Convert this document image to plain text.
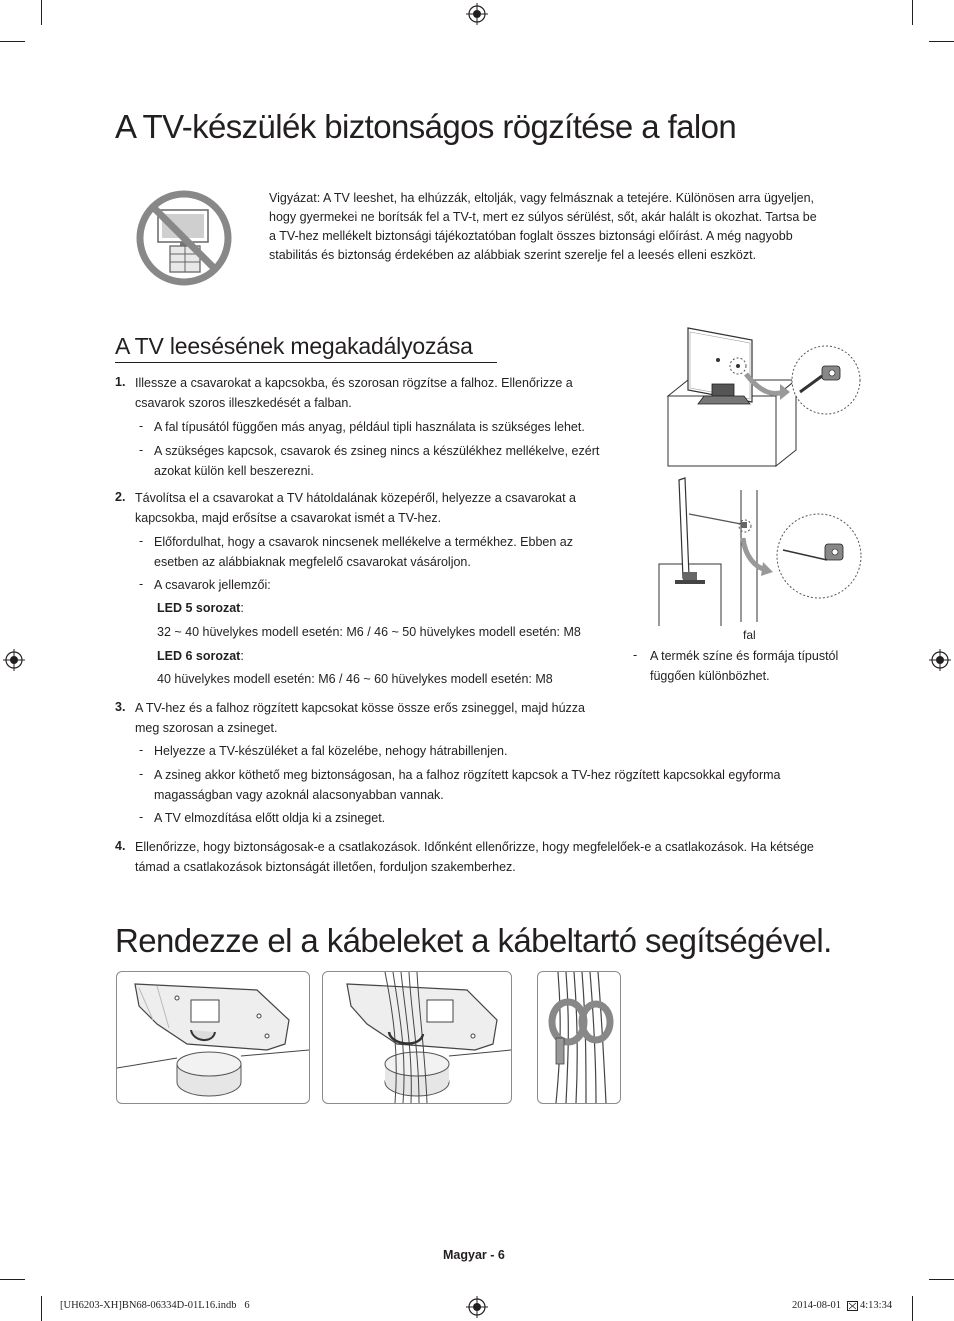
A TV-készülék biztonságos rögzítése a falon
Vigyázat: A TV leeshet, ha elhúzzák, eltolják, vagy felmásznak a tetejére. Különösen arra ügyeljen, hogy gyermekei ne borítsák fel a TV-t, mert ez súlyos sérülést, sőt, akár halált is okozhat. Tartsa be a TV-hez mellékelt biztonsági tájékoztatóban foglalt összes biztonsági előírást. A még nagyobb stabilitás és biztonság érdekében az alábbiak szerint szerelje fel a leesés elleni eszközt.
A TV leesésének megakadályozása
1. Illessze a csavarokat a kapcsokba, és szorosan rögzítse a falhoz. Ellenőrizze a csavarok szoros illeszkedését a falban.
- A fal típusától függően más anyag, például tipli használata is szükséges lehet.
- A szükséges kapcsok, csavarok és zsineg nincs a készülékhez mellékelve, ezért azokat külön kell beszerezni.
2. Távolítsa el a csavarokat a TV hátoldalának közepéről, helyezze a csavarokat a kapcsokba, majd erősítse a csavarokat ismét a TV-hez.
- Előfordulhat, hogy a csavarok nincsenek mellékelve a termékhez. Ebben az esetben az alábbiaknak megfelelő csavarokat vásároljon.
- A csavarok jellemzői:
LED 5 sorozat:
32 ~ 40 hüvelykes modell esetén: M6 / 46 ~ 50 hüvelykes modell esetén: M8
LED 6 sorozat:
40 hüvelykes modell esetén: M6 / 46 ~ 60 hüvelykes modell esetén: M8
3. A TV-hez és a falhoz rögzített kapcsokat kösse össze erős zsineggel, majd húzza meg szorosan a zsineget.
- Helyezze a TV-készüléket a fal közelébe, nehogy hátrabillenjen.
- A zsineg akkor köthető meg biztonságosan, ha a falhoz rögzített kapcsok a TV-hez rögzített kapcsokkal egyforma magasságban vagy azoknál alacsonyabban vannak.
- A TV elmozdítása előtt oldja ki a zsineget.
4. Ellenőrizze, hogy biztonságosak-e a csatlakozások. Időnként ellenőrizze, hogy megfelelőek-e a csatlakozások. Ha kétsége támad a csatlakozások biztonságát illetően, forduljon szakemberhez.
fal
- A termék színe és formája típustól függően különbözhet.
Rendezze el a kábeleket a kábeltartó segítségével.
Magyar - 6
[UH6203-XH]BN68-06334D-01L16.indb   6	2014-08-01 4:13:34
